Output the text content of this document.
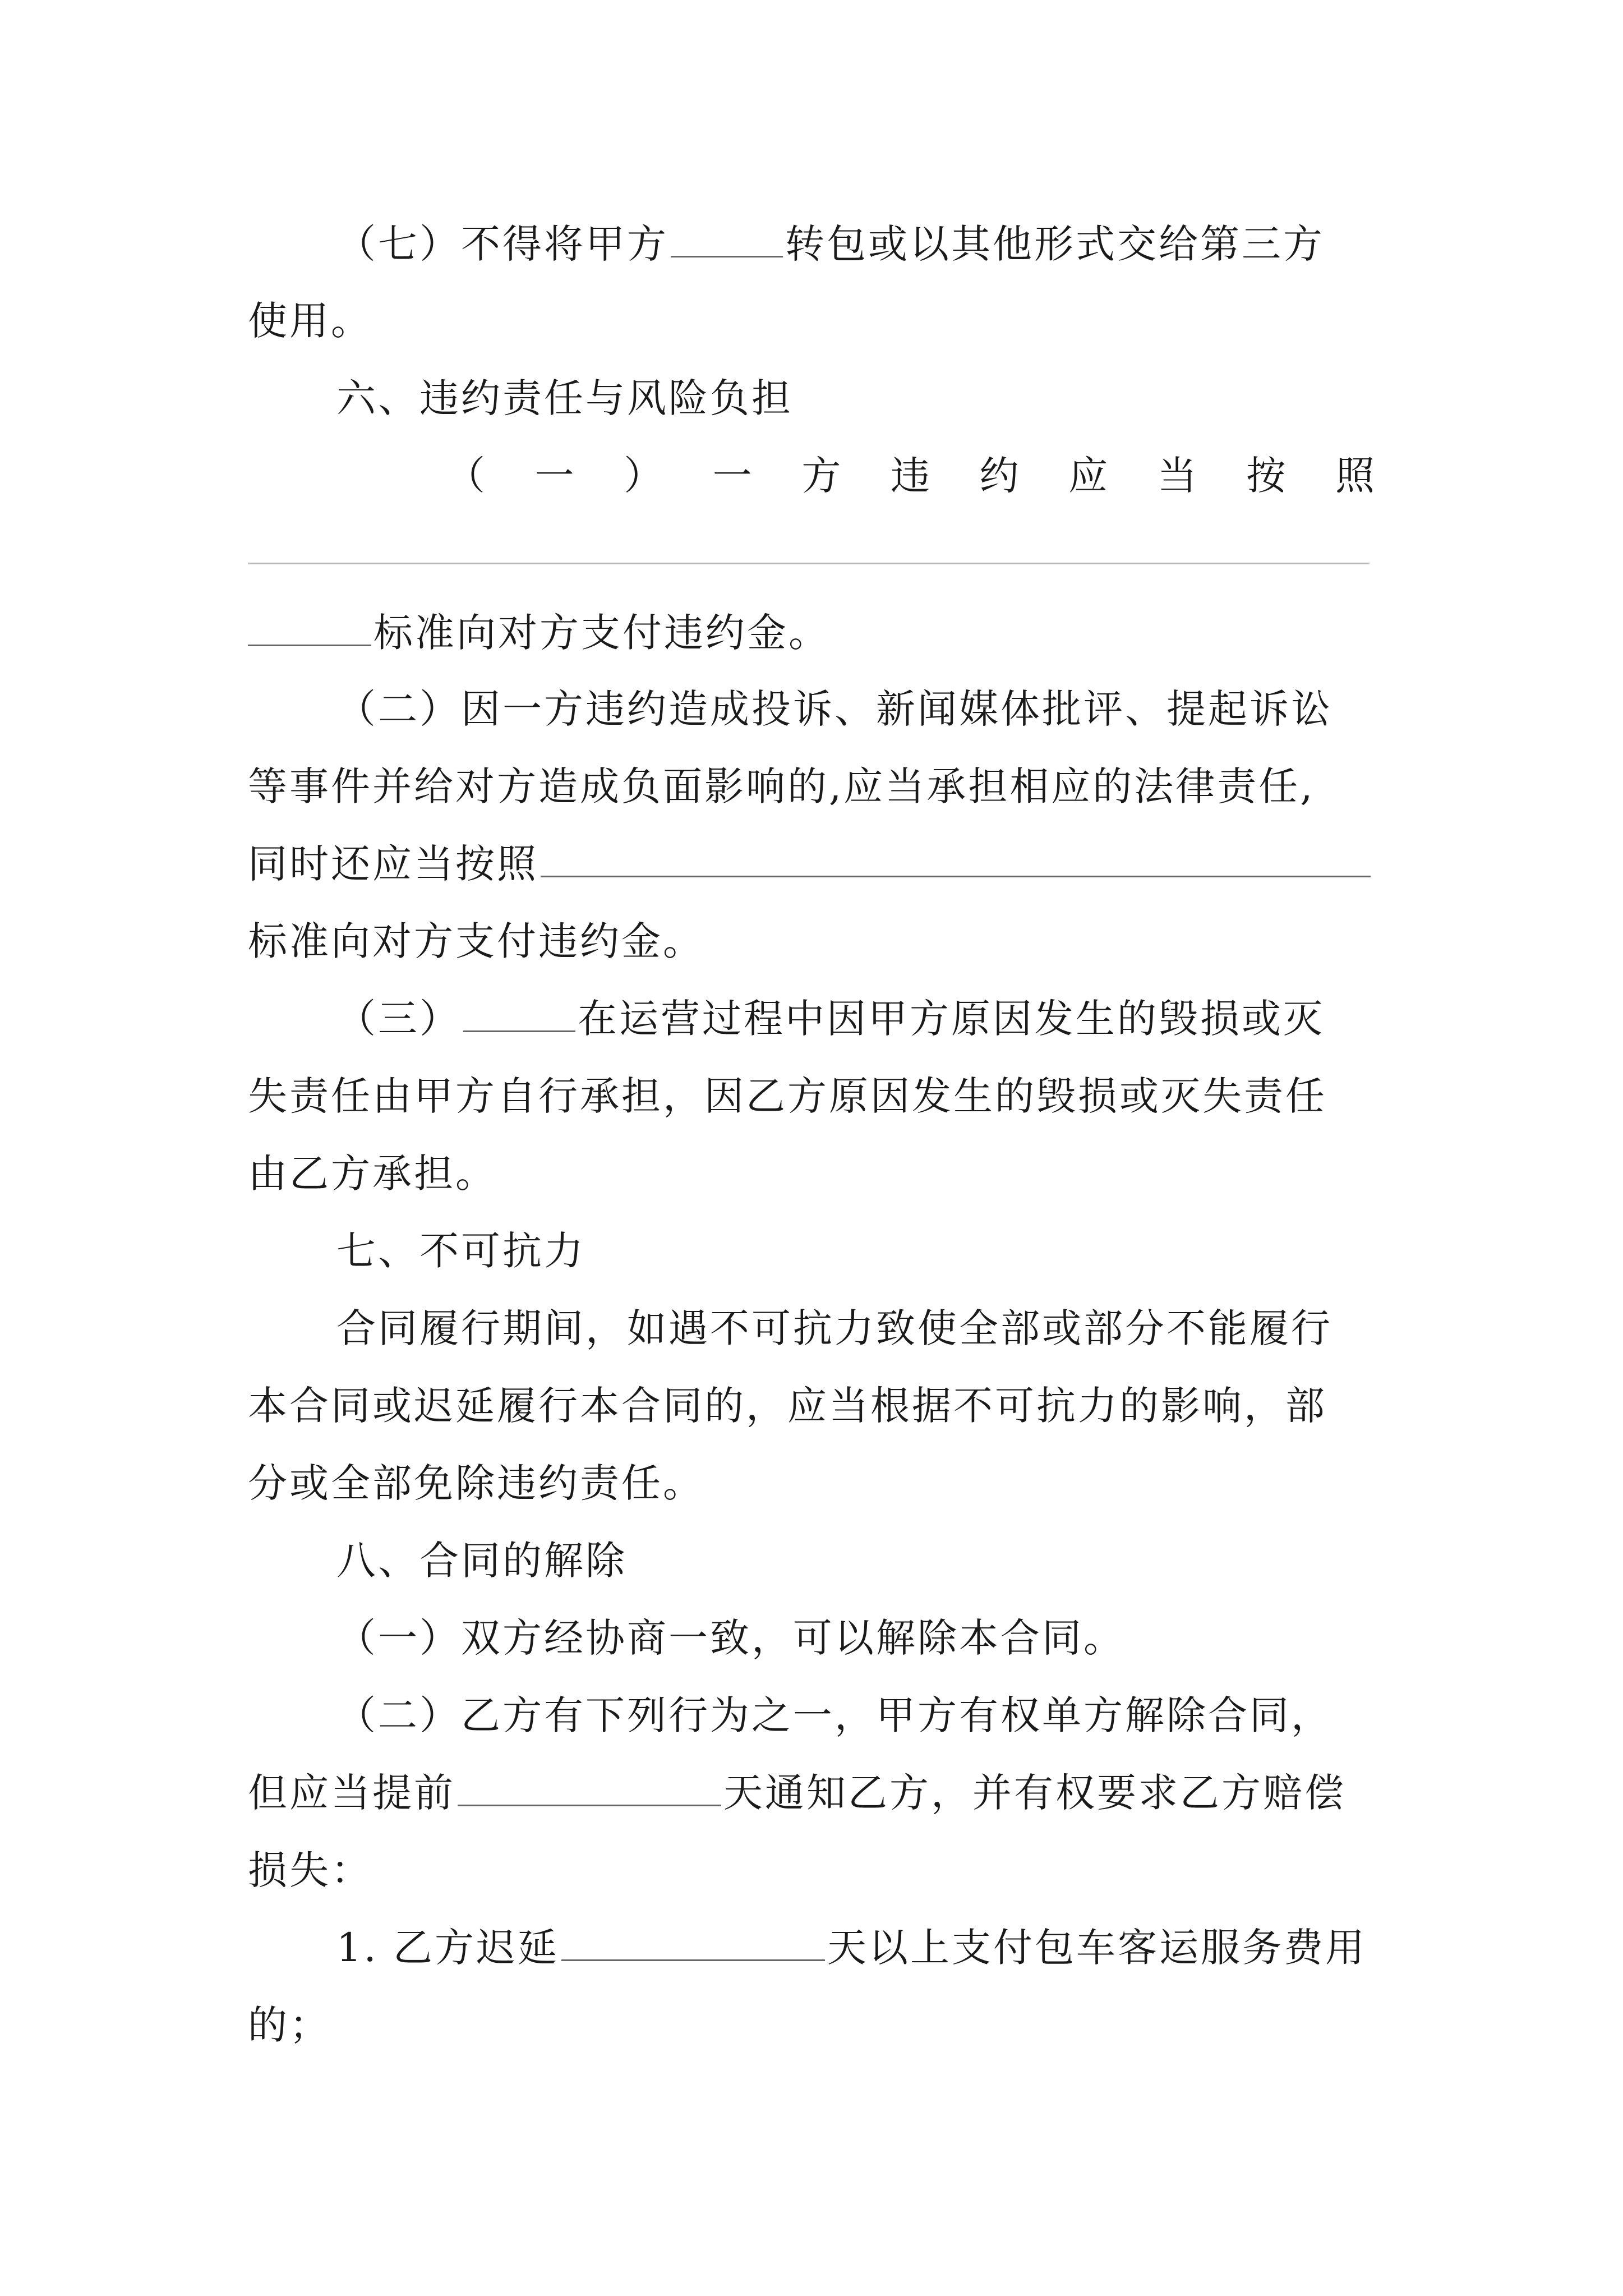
（七）不得将甲方	转包或以其他形式交给第三方
使用。
六、违约责任与风险负担
（ 一 ） 一 方 违 约 应 当 按 照
标准向对方支付违约金。
（二）因一方违约造成投诉、新闻媒体批评、提起诉讼
等事件并给对方造成负面影响的,应当承担相应的法律责任,
同时还应当按照
标准向对方支付违约金。
（三）	在运营过程中因甲方原因发生的毁损或灭
失责任由甲方自行承担，因乙方原因发生的毁损或灭失责任
由乙方承担。
七、不可抗力
合同履行期间，如遇不可抗力致使全部或部分不能履行
本合同或迟延履行本合同的，应当根据不可抗力的影响，部
分或全部免除违约责任。
八、合同的解除
（一）双方经协商一致，可以解除本合同。
（二）乙方有下列行为之一，甲方有权单方解除合同，
但应当提前	天通知乙方，并有权要求乙方赔偿
损失：
1. 乙方迟延	天以上支付包车客运服务费用
的；
